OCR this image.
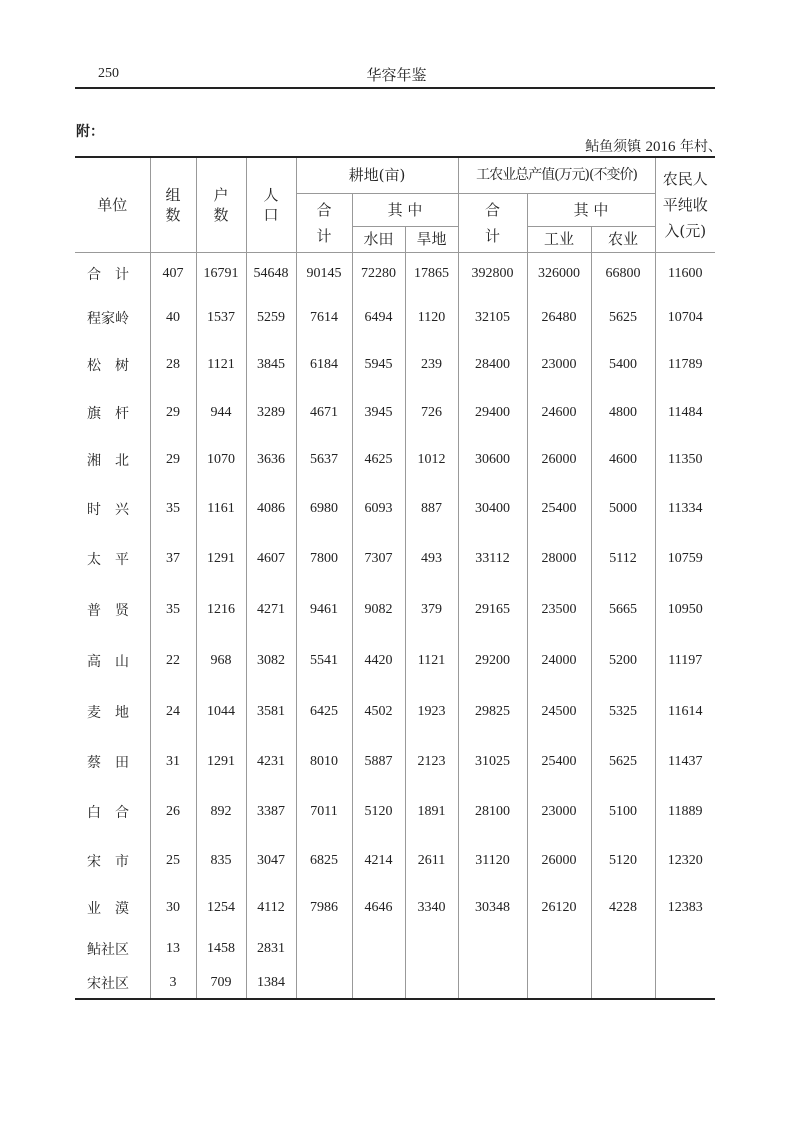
250	华容年鉴
附：
鲇鱼须镇 2016 年村、
单位	组数	户数	人口	耕地(亩)			工农业总产值(万元)(不变价)			农民人平纯收入(元)

				合计	其 中		合计	其 中		
					水田	旱地		工业	农业	
合　计	407	16791	54648	90145	72280	17865	392800	326000	66800	11600
程家岭	40	1537	5259	7614	6494	1120	32105	26480	5625	10704
松　树	28	1121	3845	6184	5945	239	28400	23000	5400	11789
旗　杆	29	944	3289	4671	3945	726	29400	24600	4800	11484
湘　北	29	1070	3636	5637	4625	1012	30600	26000	4600	11350
时　兴	35	1161	4086	6980	6093	887	30400	25400	5000	11334
太　平	37	1291	4607	7800	7307	493	33112	28000	5112	10759
普　贤	35	1216	4271	9461	9082	379	29165	23500	5665	10950
高　山	22	968	3082	5541	4420	1121	29200	24000	5200	11197
麦　地	24	1044	3581	6425	4502	1923	29825	24500	5325	11614
蔡　田	31	1291	4231	8010	5887	2123	31025	25400	5625	11437
白　合	26	892	3387	7011	5120	1891	28100	23000	5100	11889
宋　市	25	835	3047	6825	4214	2611	31120	26000	5120	12320
业　漠	30	1254	4112	7986	4646	3340	30348	26120	4228	12383
鲇社区	13	1458	2831							
宋社区	3	709	1384							
